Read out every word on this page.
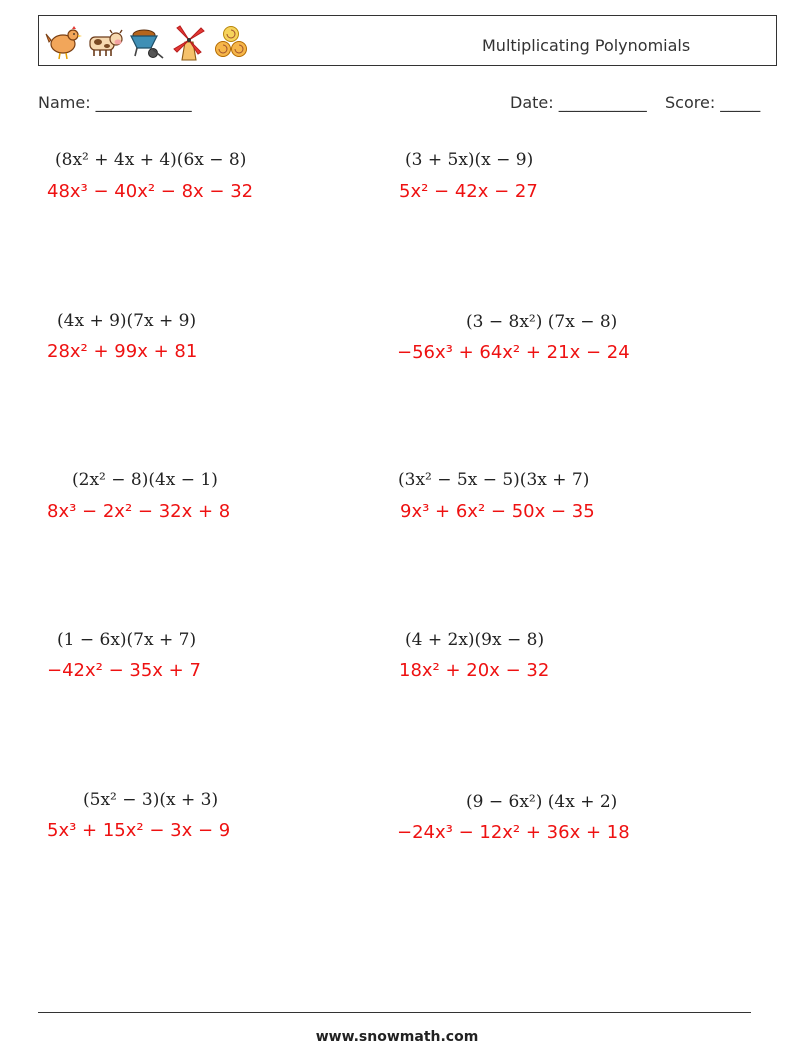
Multiplicating Polynomials
Name: ____________	Date: ___________ Score: _____
(8x² + 4x + 4)(6x − 8)
48x³ − 40x² − 8x − 32
(3 + 5x)(x − 9)
5x² − 42x − 27
(4x + 9)(7x + 9)
28x² + 99x + 81
(3 − 8x²) (7x − 8)
−56x³ + 64x² + 21x − 24
(2x² − 8)(4x − 1)
8x³ − 2x² − 32x + 8
(3x² − 5x − 5)(3x + 7)
9x³ + 6x² − 50x − 35
(1 − 6x)(7x + 7)
−42x² − 35x + 7
(4 + 2x)(9x − 8)
18x² + 20x − 32
(5x² − 3)(x + 3)
5x³ + 15x² − 3x − 9
(9 − 6x²) (4x + 2)
−24x³ − 12x² + 36x + 18
www.snowmath.com
